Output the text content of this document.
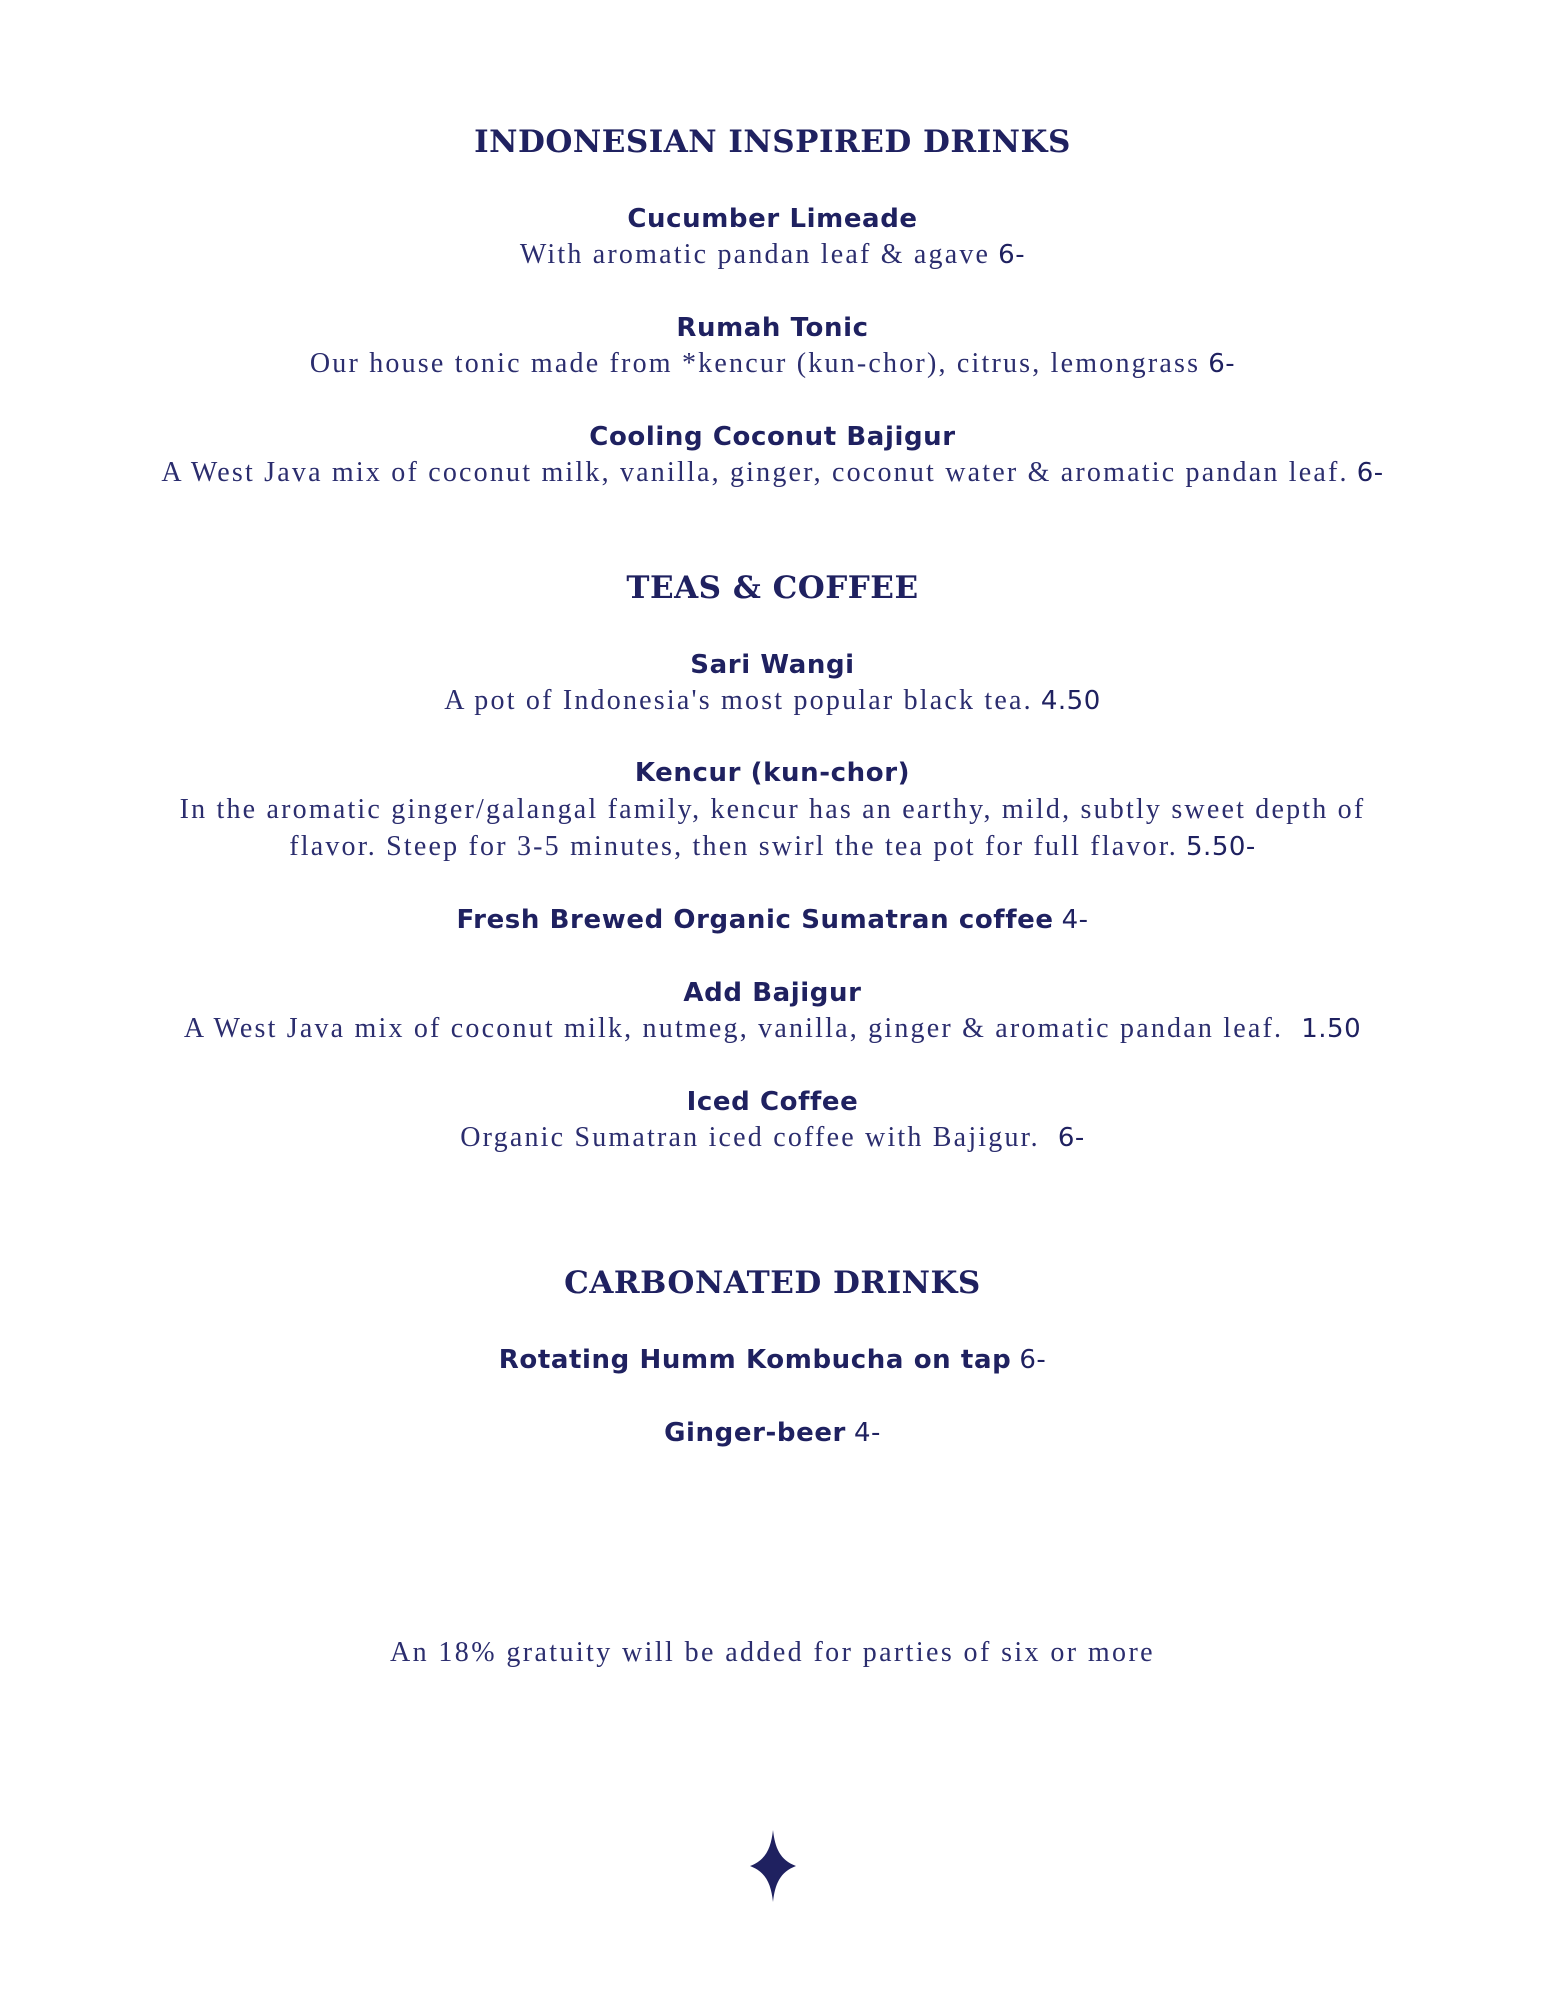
INDONESIAN INSPIRED DRINKS
Cucumber Limeade
With aromatic pandan leaf & agave 6-
Rumah Tonic
Our house tonic made from *kencur (kun-chor), citrus, lemongrass 6-
Cooling Coconut Bajigur
A West Java mix of coconut milk, vanilla, ginger, coconut water & aromatic pandan leaf. 6-
TEAS & COFFEE
Sari Wangi
A pot of Indonesia's most popular black tea. 4.50
Kencur (kun-chor)
In the aromatic ginger/galangal family, kencur has an earthy, mild, subtly sweet depth of
flavor. Steep for 3-5 minutes, then swirl the tea pot for full flavor. 5.50-
Fresh Brewed Organic Sumatran coffee 4-
Add Bajigur
A West Java mix of coconut milk, nutmeg, vanilla, ginger & aromatic pandan leaf. 1.50
Iced Coffee
Organic Sumatran iced coffee with Bajigur. 6-
CARBONATED DRINKS
Rotating Humm Kombucha on tap 6-
Ginger-beer 4-
An 18% gratuity will be added for parties of six or more
